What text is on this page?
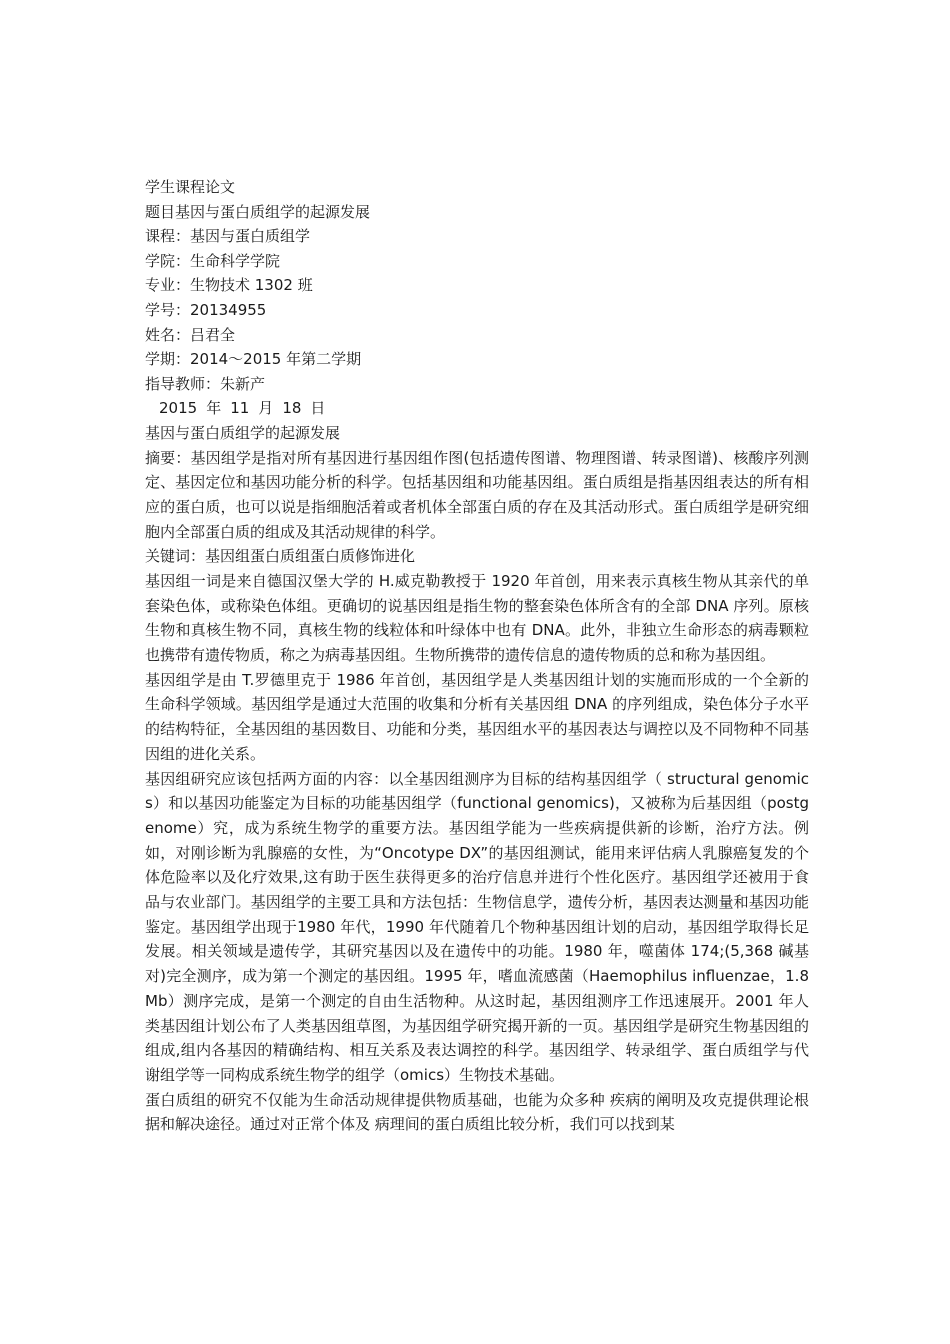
学生课程论文

题目基因与蛋白质组学的起源发展

课程：基因与蛋白质组学

学院：生命科学学院

专业：生物技术 1302 班

学号：20134955

姓名：吕君全

学期：2014～2015 年第二学期

指导教师：朱新产

2015 年 11 月 18 日

基因与蛋白质组学的起源发展

摘要：基因组学是指对所有基因进行基因组作图(包括遗传图谱、物理图谱、转录图谱)、核酸序列测定、基因定位和基因功能分析的科学。包括基因组和功能基因组。蛋白质组是指基因组表达的所有相应的蛋白质，也可以说是指细胞活着或者机体全部蛋白质的存在及其活动形式。蛋白质组学是研究细胞内全部蛋白质的组成及其活动规律的科学。

关键词：基因组蛋白质组蛋白质修饰进化

基因组一词是来自德国汉堡大学的 H.威克勒教授于 1920 年首创，用来表示真核生物从其亲代的单套染色体，或称染色体组。更确切的说基因组是指生物的整套染色体所含有的全部 DNA 序列。原核生物和真核生物不同，真核生物的线粒体和叶绿体中也有 DNA。此外，非独立生命形态的病毒颗粒也携带有遗传物质，称之为病毒基因组。生物所携带的遗传信息的遗传物质的总和称为基因组。

基因组学是由 T.罗德里克于 1986 年首创，基因组学是人类基因组计划的实施而形成的一个全新的生命科学领域。基因组学是通过大范围的收集和分析有关基因组 DNA 的序列组成，染色体分子水平的结构特征，全基因组的基因数目、功能和分类，基因组水平的基因表达与调控以及不同物种不同基因组的进化关系。

基因组研究应该包括两方面的内容：以全基因组测序为目标的结构基因组学（ structural genomics）和以基因功能鉴定为目标的功能基因组学（functional genomics)，又被称为后基因组（postgenome）究，成为系统生物学的重要方法。基因组学能为一些疾病提供新的诊断，治疗方法。例如，对刚诊断为乳腺癌的女性，为“Oncotype DX”的基因组测试，能用来评估病人乳腺癌复发的个体危险率以及化疗效果,这有助于医生获得更多的治疗信息并进行个性化医疗。基因组学还被用于食品与农业部门。基因组学的主要工具和方法包括：生物信息学，遗传分析，基因表达测量和基因功能鉴定。基因组学出现于1980 年代，1990 年代随着几个物种基因组计划的启动，基因组学取得长足发展。相关领域是遗传学，其研究基因以及在遗传中的功能。1980 年，噬菌体 174;(5,368 碱基对)完全测序，成为第一个测定的基因组。1995 年，嗜血流感菌（Haemophilus influenzae，1.8Mb）测序完成，是第一个测定的自由生活物种。从这时起，基因组测序工作迅速展开。2001 年人类基因组计划公布了人类基因组草图，为基因组学研究揭开新的一页。基因组学是研究生物基因组的组成,组内各基因的精确结构、相互关系及表达调控的科学。基因组学、转录组学、蛋白质组学与代谢组学等一同构成系统生物学的组学（omics）生物技术基础。

蛋白质组的研究不仅能为生命活动规律提供物质基础，也能为众多种 疾病的阐明及攻克提供理论根据和解决途径。通过对正常个体及 病理间的蛋白质组比较分析，我们可以找到某
